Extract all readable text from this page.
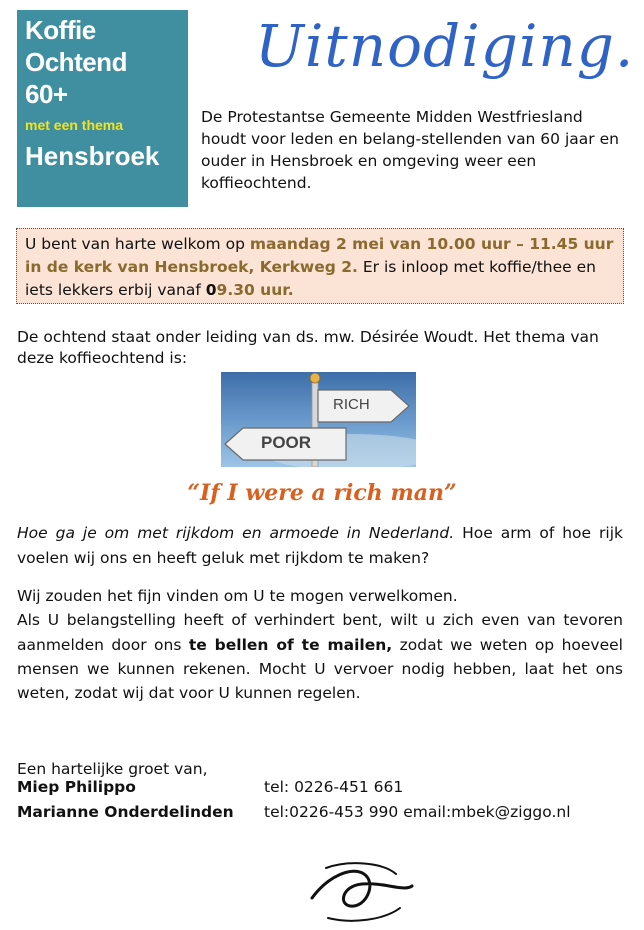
Koffie
Ochtend
60+
met een thema
Hensbroek
Uitnodiging.
De Protestantse Gemeente Midden Westfriesland houdt voor leden en belang-stellenden van 60 jaar en ouder in Hensbroek en omgeving weer een koffieochtend.
U bent van harte welkom op maandag 2 mei van 10.00 uur – 11.45 uur in de kerk van Hensbroek, Kerkweg 2. Er is inloop met koffie/thee en iets lekkers erbij vanaf 09.30 uur.
De ochtend staat onder leiding van ds. mw. Désirée Woudt. Het thema van deze koffieochtend is:
RICH
POOR
“If I were a rich man”
Hoe ga je om met rijkdom en armoede in Nederland. Hoe arm of hoe rijk voelen wij ons en heeft geluk met rijkdom te maken?
Wij zouden het fijn vinden om U te mogen verwelkomen.
Als U belangstelling heeft of verhindert bent, wilt u zich even van tevoren aanmelden door ons te bellen of te mailen, zodat we weten op hoeveel mensen we kunnen rekenen. Mocht U vervoer nodig hebben, laat het ons weten, zodat wij dat voor U kunnen regelen.
Een hartelijke groet van,
Miep Philippo	tel: 0226-451 661
Marianne Onderdelinden tel:0226-453 990 email:mbek@ziggo.nl
